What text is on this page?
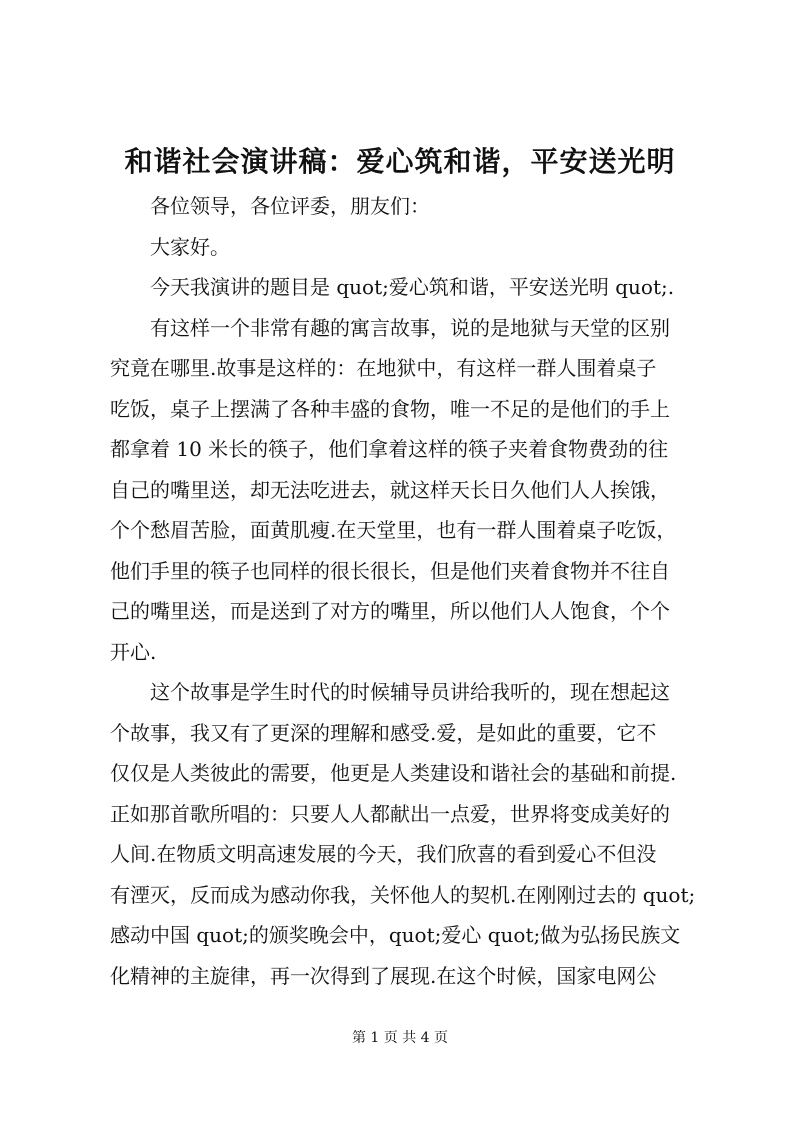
和谐社会演讲稿：爱心筑和谐，平安送光明
各位领导，各位评委，朋友们：
大家好。
今天我演讲的题目是 quot;爱心筑和谐，平安送光明 quot;.
有这样一个非常有趣的寓言故事，说的是地狱与天堂的区别
究竟在哪里.故事是这样的：在地狱中，有这样一群人围着桌子
吃饭，桌子上摆满了各种丰盛的食物，唯一不足的是他们的手上
都拿着 10 米长的筷子，他们拿着这样的筷子夹着食物费劲的往
自己的嘴里送，却无法吃进去，就这样天长日久他们人人挨饿，
个个愁眉苦脸，面黄肌瘦.在天堂里，也有一群人围着桌子吃饭，
他们手里的筷子也同样的很长很长，但是他们夹着食物并不往自
己的嘴里送，而是送到了对方的嘴里，所以他们人人饱食，个个
开心.
这个故事是学生时代的时候辅导员讲给我听的，现在想起这
个故事，我又有了更深的理解和感受.爱，是如此的重要，它不
仅仅是人类彼此的需要，他更是人类建设和谐社会的基础和前提.
正如那首歌所唱的：只要人人都献出一点爱，世界将变成美好的
人间.在物质文明高速发展的今天，我们欣喜的看到爱心不但没
有湮灭，反而成为感动你我，关怀他人的契机.在刚刚过去的 quot;
感动中国 quot;的颁奖晚会中，quot;爱心 quot;做为弘扬民族文
化精神的主旋律，再一次得到了展现.在这个时候，国家电网公
第 1 页 共 4 页
